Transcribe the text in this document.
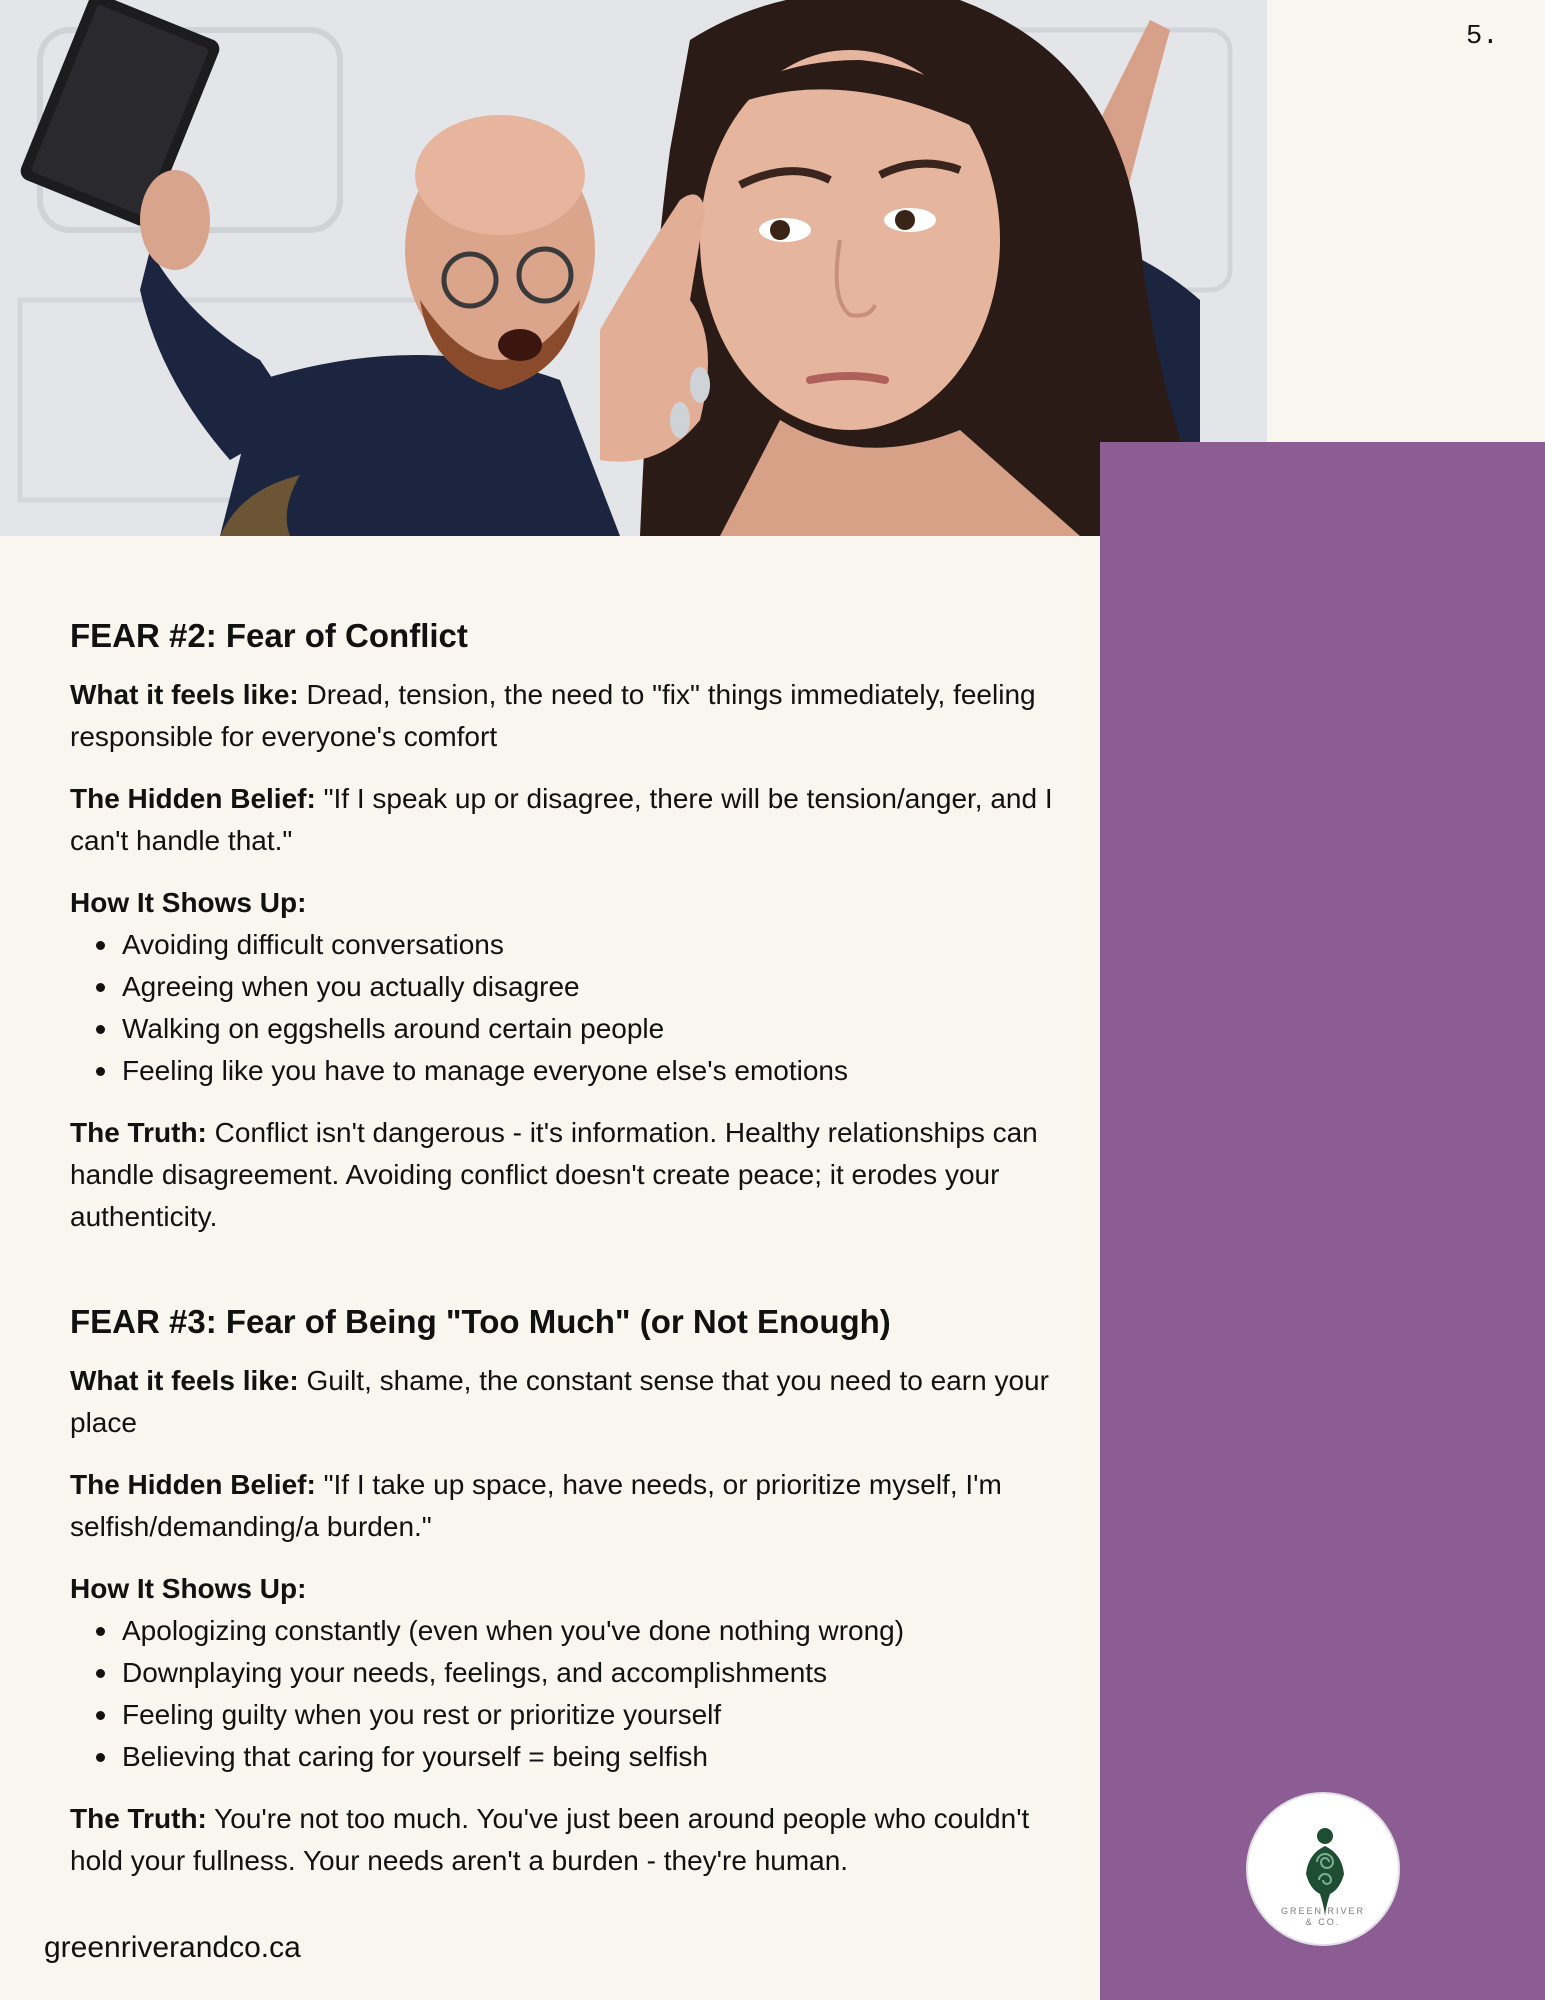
5.
FEAR #2: Fear of Conflict

What it feels like: Dread, tension, the need to "fix" things immediately, feeling responsible for everyone's comfort

The Hidden Belief: "If I speak up or disagree, there will be tension/anger, and I can't handle that."

How It Shows Up:
Avoiding difficult conversations
Agreeing when you actually disagree
Walking on eggshells around certain people
Feeling like you have to manage everyone else's emotions

The Truth: Conflict isn't dangerous - it's information. Healthy relationships can handle disagreement. Avoiding conflict doesn't create peace; it erodes your authenticity.

FEAR #3: Fear of Being "Too Much" (or Not Enough)

What it feels like: Guilt, shame, the constant sense that you need to earn your place

The Hidden Belief: "If I take up space, have needs, or prioritize myself, I'm selfish/demanding/a burden."

How It Shows Up:
Apologizing constantly (even when you've done nothing wrong)
Downplaying your needs, feelings, and accomplishments
Feeling guilty when you rest or prioritize yourself
Believing that caring for yourself = being selfish

The Truth: You're not too much. You've just been around people who couldn't hold your fullness. Your needs aren't a burden - they're human.

greenriverandco.ca
GREEN RIVER
& CO.
